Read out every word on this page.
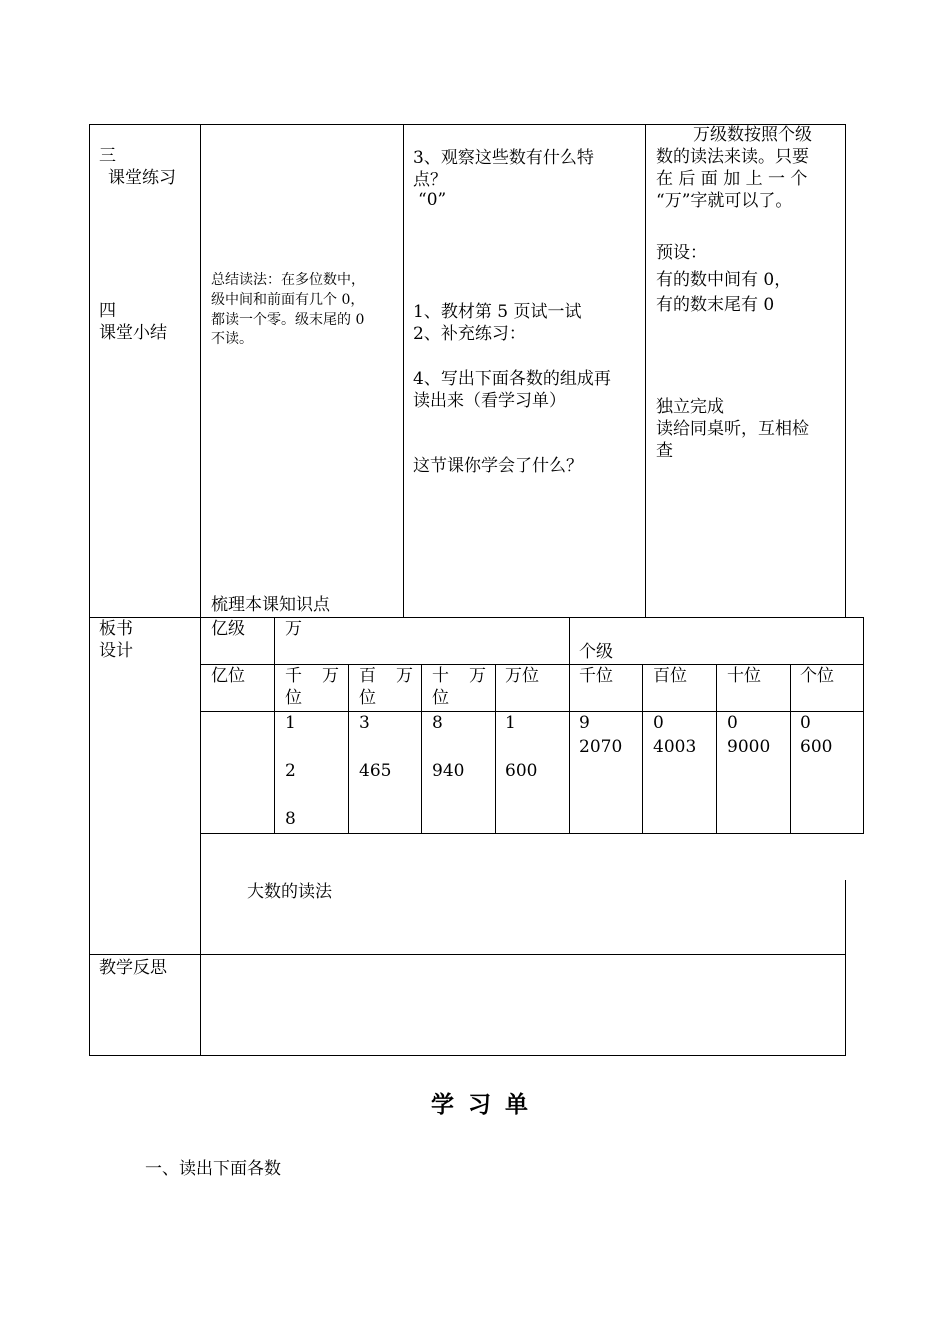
三
课堂练习
四
课堂小结
总结读法：在多位数中，
级中间和前面有几个 0，
都读一个零。级末尾的 0
不读。
梳理本课知识点
3、观察这些数有什么特
点？
“0”
1、教材第 5 页试一试
2、补充练习：
4、写出下面各数的组成再
读出来（看学习单）
这节课你学会了什么？
万级数按照个级
数的读法来读。只要
在 后 面 加 上 一 个
“万”字就可以了。
预设：
有的数中间有 0，
有的数末尾有 0
独立完成
读给同桌听，互相检
查
板书
设计
亿级 万
个级
亿位 千 万
位
百 万
位
十 万
位
万位 千位 百位 十位 个位
1
2
8
3
465
8
940
1
600
9
2070
0
4003
0
9000
0
600
大数的读法
教学反思
学习单
一、读出下面各数
